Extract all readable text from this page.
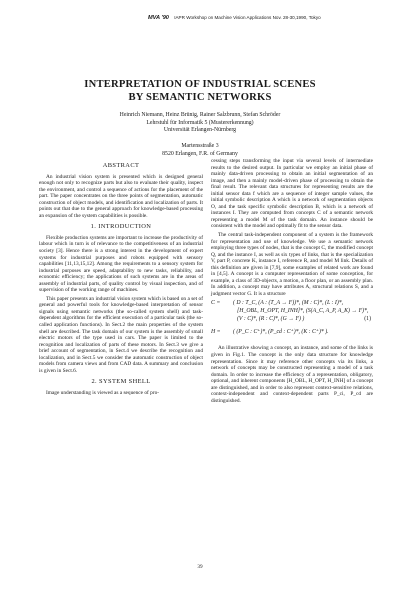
MVA '90 IAPR Workshop on Machine Vision Applications Nov. 28-30,1990, Tokyo
INTERPRETATION OF INDUSTRIAL SCENES
BY SEMANTIC NETWORKS
Heinrich Niemann, Heinz Brünig, Rainer Salzbrunn, Stefan Schröder
Lehrstuhl für Informatik 5 (Mustererkennung)
Universität Erlangen-Nürnberg
Martensstraße 3
8520 Erlangen, F.R. of Germany
ABSTRACT

An industrial vision system is presented which is designed general enough not only to recognize parts but also to evaluate their quality, inspect the environment, and control a sequence of actions for the placement of the part. The paper concentrates on the three points of segmentation, automatic construction of object models, and identification and localization of parts. It points out that due to the general approach for knowledge-based processing an expansion of the system capabilities is possible.

1. INTRODUCTION

Flexible production systems are important to increase the productivity of labour which in turn is of relevance to the competitiveness of an industrial society [3]. Hence there is a strong interest in the development of expert systems for industrial purposes and robots equipped with sensory capabilities [11,13,15,12]. Among the requirements to a sensory system for industrial purposes are speed, adaptability to new tasks, reliability, and economic efficiency; the applications of such systems are in the areas of assembly of industrial parts, of quality control by visual inspection, and of supervision of the working range of machines.

This paper presents an industrial vision system which is based on a set of general and powerful tools for knowledge-based interpretation of sensor signals using semantic networks (the so-called system shell) and task-dependent algorithms for the efficient execution of a particular task (the so-called application functions). In Sect.2 the main properties of the system shell are described. The task domain of our system is the assembly of small electric motors of the type used in cars. The paper is limited to the recognition and localization of parts of these motors. In Sect.3 we give a brief account of segmentation, in Sect.4 we describe the recognition and localization, and in Sect.5 we consider the automatic construction of object models from camera views and from CAD data. A summary and conclusion is given in Sect.6.

2. SYSTEM SHELL

Image understanding is viewed as a sequence of pro-

cessing steps transforming the input via several levels of intermediate results to the desired output. In particular we employ an initial phase of mainly data-driven processing to obtain an initial segmentation of an image, and then a mainly model-driven phase of processing to obtain the final result. The relevant data structures for representing results are the initial sensor data f which are a sequence of integer sample values, the initial symbolic description A which is a network of segmentation objects O, and the task specific symbolic description B, which is a network of instances I. They are computed from concepts C of a semantic network representing a model M of the task domain. An instance should be consistent with the model and optimally fit to the sensor data.

The central task-independent component of a system is the framework for representation and use of knowledge. We use a semantic network employing three types of nodes, that is the concept C, the modified concept Q, and the instance I, as well as six types of links, that is the specialization V, part P, concrete K, instance I, reference R, and model M link. Details of this definition are given in [7,9], some examples of related work are found in [4,5]. A concept is a computer representation of some conception, for example, a class of 3D-objects, a motion, a floor plan, or an assembly plan. In addition, a concept may have attributes A, structural relations S, and a judgment vector G. It is a structure

C = ( D : T_C, (A : (T_A → F))*, (M : C)*, (L : I)*,
[H_OBL, H_OPT, H_INH]*, (S(A_C, A_P, A_K) → F)*,
(V : C)*, (R : C)*, (G → F) )	(1)
H = ( (P_C : C⁺)*, (P_cd : C⁺)*, (K : C⁺)* ).

An illustrative showing a concept, an instance, and some of the links is given in Fig.1. The concept is the only data structure for knowledge representation. Since it may reference other concepts via its links, a network of concepts may be constructed representing a model of a task domain. In order to increase the efficiency of a representation, obligatory, optional, and inherent components [H_OBL, H_OPT, H_INH] of a concept are distinguished, and in order to also represent context-sensitive relations, context-independent and context-dependent parts P_ci, P_cd are distinguished.

39
